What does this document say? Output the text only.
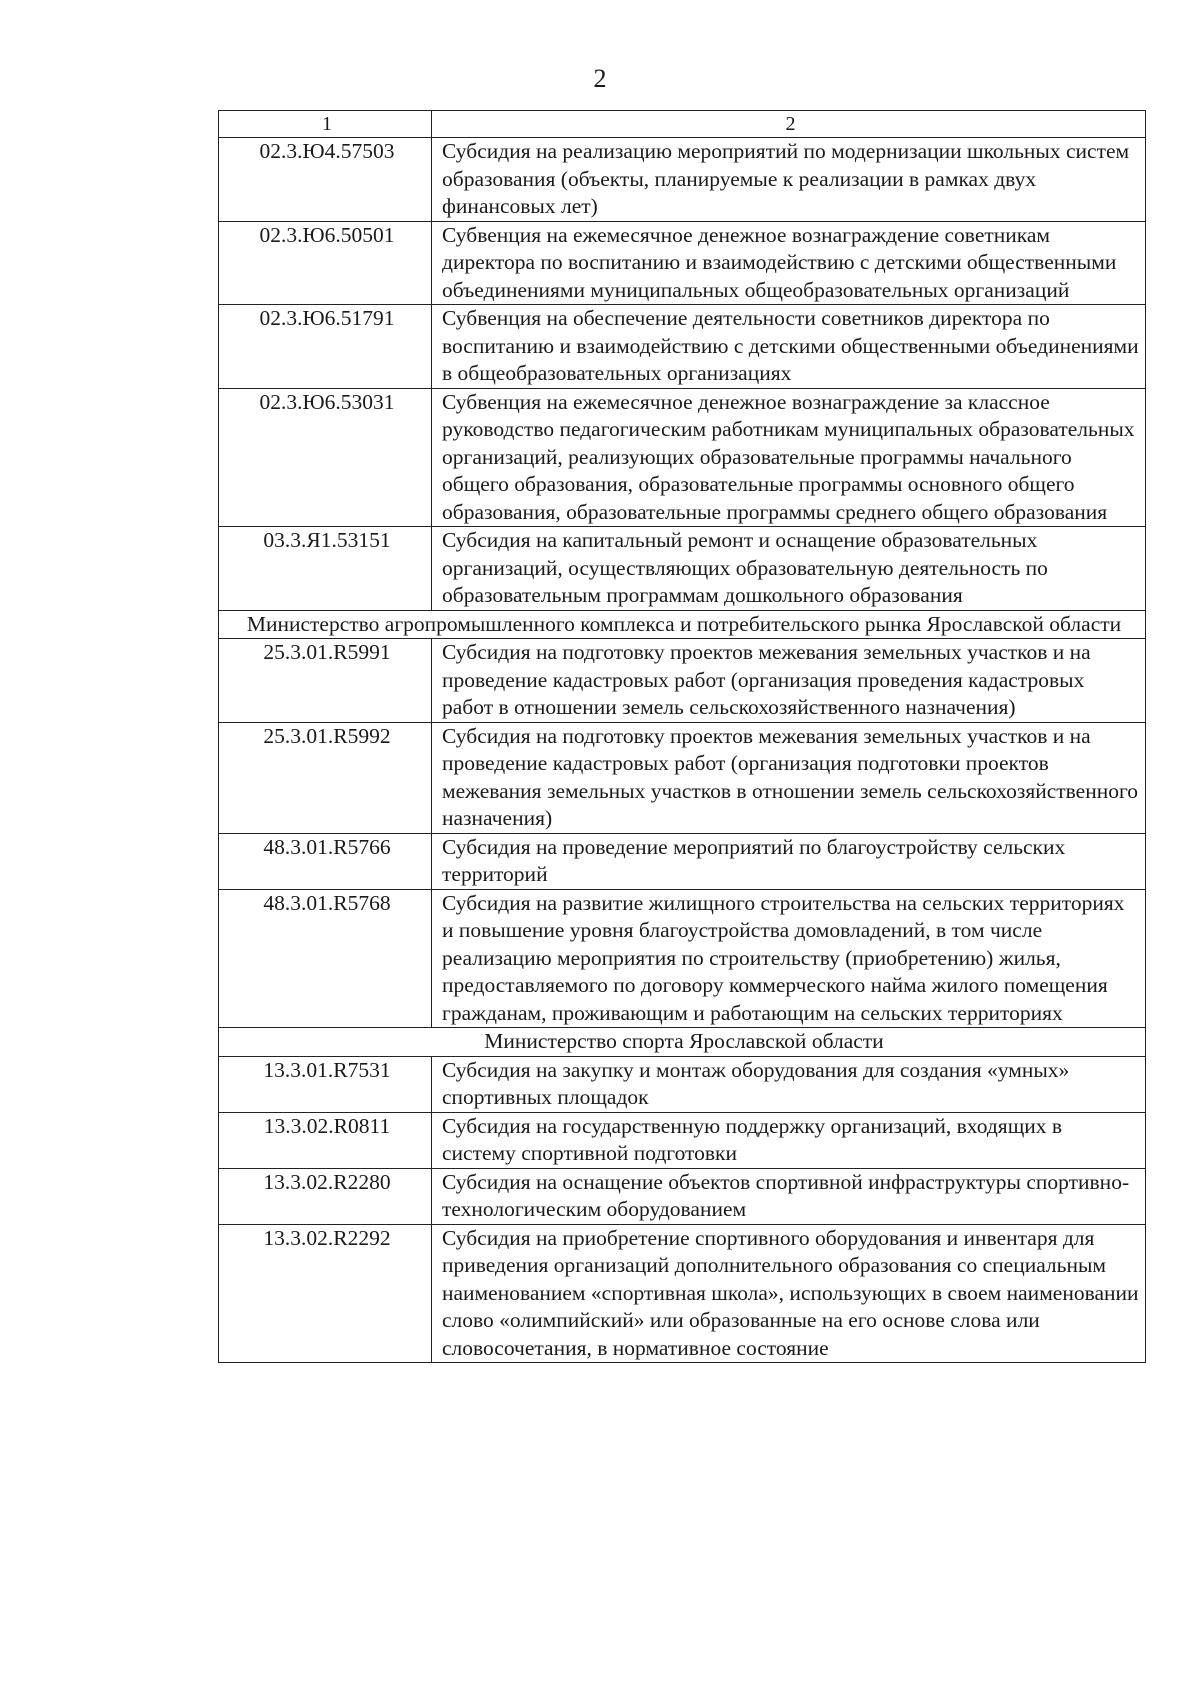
2
1	2
02.3.Ю4.57503	Субсидия на реализацию мероприятий по модернизации школьных систем образования (объекты, планируемые к реализации в рамках двух финансовых лет)
02.3.Ю6.50501	Субвенция на ежемесячное денежное вознаграждение советникам директора по воспитанию и взаимодействию с детскими общественными объединениями муниципальных общеобразовательных организаций
02.3.Ю6.51791	Субвенция на обеспечение деятельности советников директора по воспитанию и взаимодействию с детскими общественными объединениями в общеобразовательных организациях
02.3.Ю6.53031	Субвенция на ежемесячное денежное вознаграждение за классное руководство педагогическим работникам муниципальных образовательных организаций, реализующих образовательные программы начального общего образования, образовательные программы основного общего образования, образовательные программы среднего общего образования
03.3.Я1.53151	Субсидия на капитальный ремонт и оснащение образовательных организаций, осуществляющих образовательную деятельность по образовательным программам дошкольного образования
Министерство агропромышленного комплекса и потребительского рынка Ярославской области	
25.3.01.R5991	Субсидия на подготовку проектов межевания земельных участков и на проведение кадастровых работ (организация проведения кадастровых работ в отношении земель сельскохозяйственного назначения)
25.3.01.R5992	Субсидия на подготовку проектов межевания земельных участков и на проведение кадастровых работ (организация подготовки проектов межевания земельных участков в отношении земель сельскохозяйственного назначения)
48.3.01.R5766	Субсидия на проведение мероприятий по благоустройству сельских территорий
48.3.01.R5768	Субсидия на развитие жилищного строительства на сельских территориях и повышение уровня благоустройства домовладений, в том числе реализацию мероприятия по строительству (приобретению) жилья, предоставляемого по договору коммерческого найма жилого помещения гражданам, проживающим и работающим на сельских территориях
Министерство спорта Ярославской области	
13.3.01.R7531	Субсидия на закупку и монтаж оборудования для создания «умных» спортивных площадок
13.3.02.R0811	Субсидия на государственную поддержку организаций, входящих в систему спортивной подготовки
13.3.02.R2280	Субсидия на оснащение объектов спортивной инфраструктуры спортивно-технологическим оборудованием
13.3.02.R2292	Субсидия на приобретение спортивного оборудования и инвентаря для приведения организаций дополнительного образования со специальным наименованием «спортивная школа», использующих в своем наименовании слово «олимпийский» или образованные на его основе слова или словосочетания, в нормативное состояние
